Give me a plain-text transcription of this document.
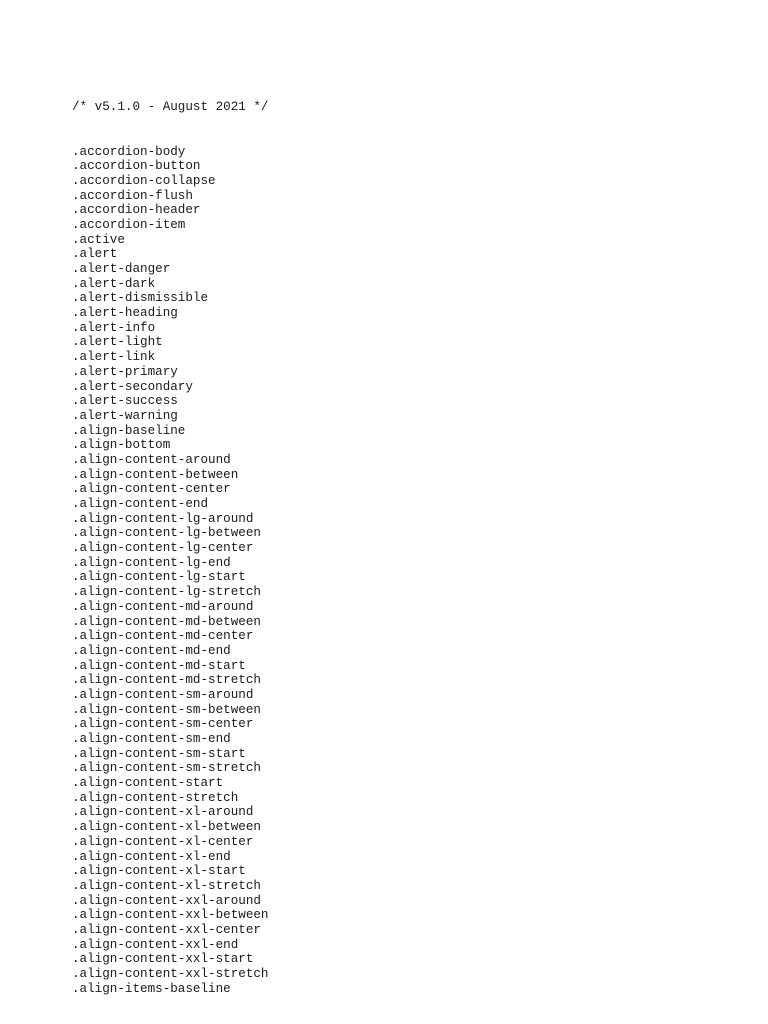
/* v5.1.0 - August 2021 */

.accordion-body
.accordion-button
.accordion-collapse
.accordion-flush
.accordion-header
.accordion-item
.active
.alert
.alert-danger
.alert-dark
.alert-dismissible
.alert-heading
.alert-info
.alert-light
.alert-link
.alert-primary
.alert-secondary
.alert-success
.alert-warning
.align-baseline
.align-bottom
.align-content-around
.align-content-between
.align-content-center
.align-content-end
.align-content-lg-around
.align-content-lg-between
.align-content-lg-center
.align-content-lg-end
.align-content-lg-start
.align-content-lg-stretch
.align-content-md-around
.align-content-md-between
.align-content-md-center
.align-content-md-end
.align-content-md-start
.align-content-md-stretch
.align-content-sm-around
.align-content-sm-between
.align-content-sm-center
.align-content-sm-end
.align-content-sm-start
.align-content-sm-stretch
.align-content-start
.align-content-stretch
.align-content-xl-around
.align-content-xl-between
.align-content-xl-center
.align-content-xl-end
.align-content-xl-start
.align-content-xl-stretch
.align-content-xxl-around
.align-content-xxl-between
.align-content-xxl-center
.align-content-xxl-end
.align-content-xxl-start
.align-content-xxl-stretch
.align-items-baseline
